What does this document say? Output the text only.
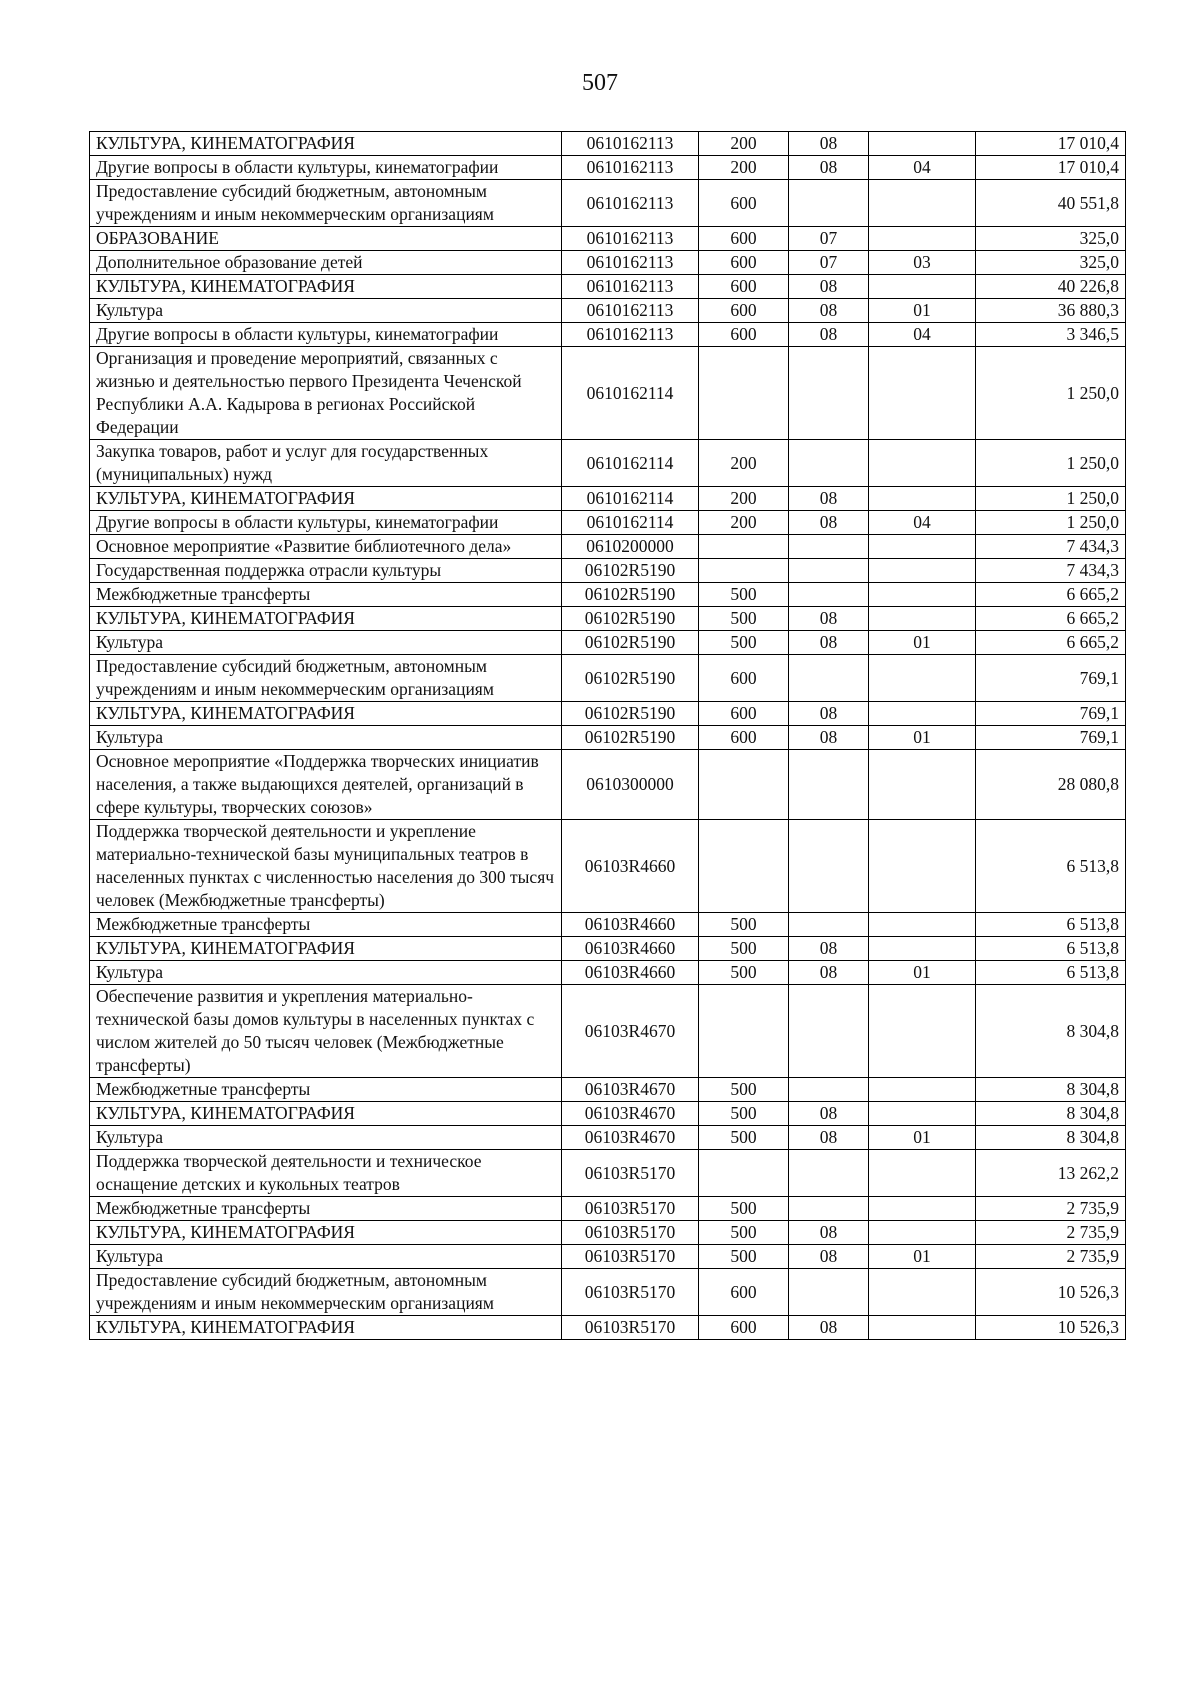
507
КУЛЬТУРА, КИНЕМАТОГРАФИЯ	0610162113	200	08		17 010,4
Другие вопросы в области культуры, кинематографии	0610162113	200	08	04	17 010,4
Предоставление субсидий бюджетным, автономным учреждениям и иным некоммерческим организациям	0610162113	600			40 551,8
ОБРАЗОВАНИЕ	0610162113	600	07		325,0
Дополнительное образование детей	0610162113	600	07	03	325,0
КУЛЬТУРА, КИНЕМАТОГРАФИЯ	0610162113	600	08		40 226,8
Культура	0610162113	600	08	01	36 880,3
Другие вопросы в области культуры, кинематографии	0610162113	600	08	04	3 346,5
Организация и проведение мероприятий, связанных с жизнью и деятельностью первого Президента Чеченской Республики А.А. Кадырова в регионах Российской Федерации	0610162114				1 250,0
Закупка товаров, работ и услуг для государственных (муниципальных) нужд	0610162114	200			1 250,0
КУЛЬТУРА, КИНЕМАТОГРАФИЯ	0610162114	200	08		1 250,0
Другие вопросы в области культуры, кинематографии	0610162114	200	08	04	1 250,0
Основное мероприятие «Развитие библиотечного дела»	0610200000				7 434,3
Государственная поддержка отрасли культуры	06102R5190				7 434,3
Межбюджетные трансферты	06102R5190	500			6 665,2
КУЛЬТУРА, КИНЕМАТОГРАФИЯ	06102R5190	500	08		6 665,2
Культура	06102R5190	500	08	01	6 665,2
Предоставление субсидий бюджетным, автономным учреждениям и иным некоммерческим организациям	06102R5190	600			769,1
КУЛЬТУРА, КИНЕМАТОГРАФИЯ	06102R5190	600	08		769,1
Культура	06102R5190	600	08	01	769,1
Основное мероприятие «Поддержка творческих инициатив населения, а также выдающихся деятелей, организаций в сфере культуры, творческих союзов»	0610300000				28 080,8
Поддержка творческой деятельности и укрепление материально-технической базы муниципальных театров в населенных пунктах с численностью населения до 300 тысяч человек (Межбюджетные трансферты)	06103R4660				6 513,8
Межбюджетные трансферты	06103R4660	500			6 513,8
КУЛЬТУРА, КИНЕМАТОГРАФИЯ	06103R4660	500	08		6 513,8
Культура	06103R4660	500	08	01	6 513,8
Обеспечение развития и укрепления материально-технической базы домов культуры в населенных пунктах с числом жителей до 50 тысяч человек (Межбюджетные трансферты)	06103R4670				8 304,8
Межбюджетные трансферты	06103R4670	500			8 304,8
КУЛЬТУРА, КИНЕМАТОГРАФИЯ	06103R4670	500	08		8 304,8
Культура	06103R4670	500	08	01	8 304,8
Поддержка творческой деятельности и техническое оснащение детских и кукольных театров	06103R5170				13 262,2
Межбюджетные трансферты	06103R5170	500			2 735,9
КУЛЬТУРА, КИНЕМАТОГРАФИЯ	06103R5170	500	08		2 735,9
Культура	06103R5170	500	08	01	2 735,9
Предоставление субсидий бюджетным, автономным учреждениям и иным некоммерческим организациям	06103R5170	600			10 526,3
КУЛЬТУРА, КИНЕМАТОГРАФИЯ	06103R5170	600	08		10 526,3
